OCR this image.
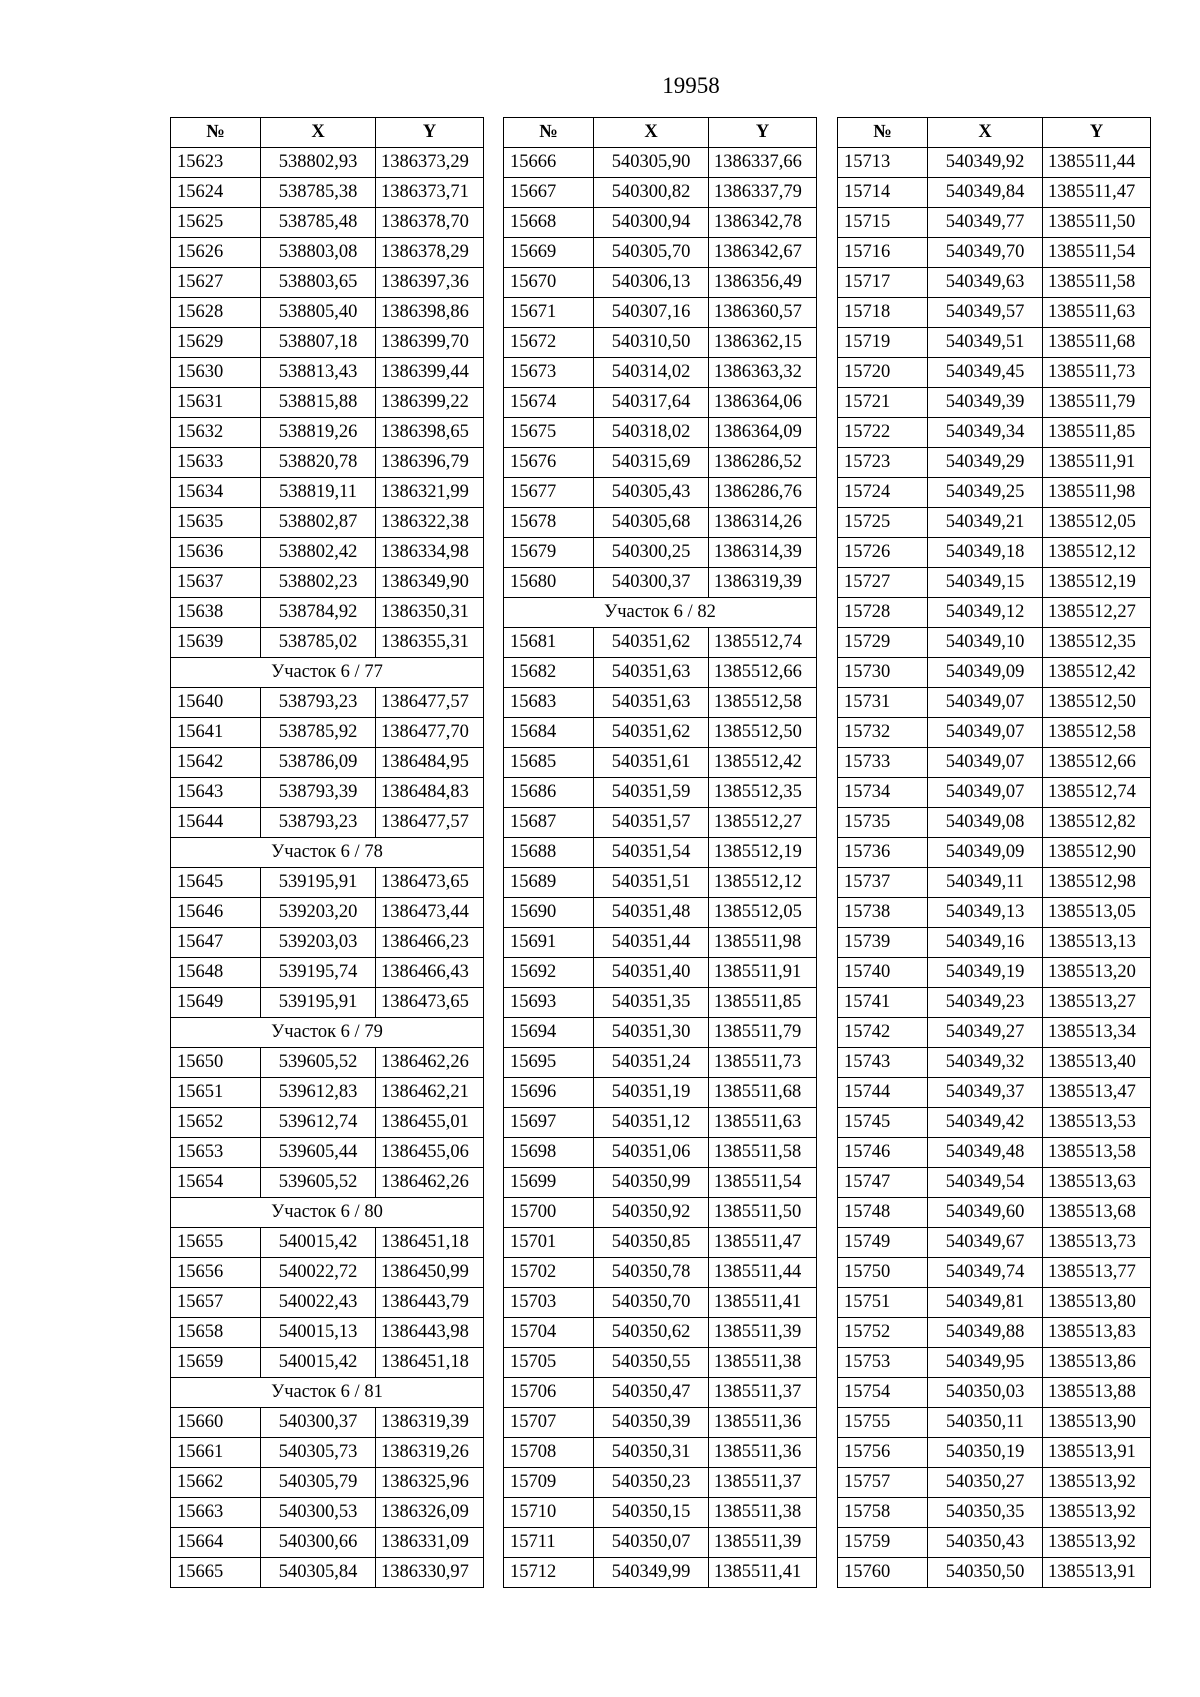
19958
№	X	Y
15623	538802,93	1386373,29
15624	538785,38	1386373,71
15625	538785,48	1386378,70
15626	538803,08	1386378,29
15627	538803,65	1386397,36
15628	538805,40	1386398,86
15629	538807,18	1386399,70
15630	538813,43	1386399,44
15631	538815,88	1386399,22
15632	538819,26	1386398,65
15633	538820,78	1386396,79
15634	538819,11	1386321,99
15635	538802,87	1386322,38
15636	538802,42	1386334,98
15637	538802,23	1386349,90
15638	538784,92	1386350,31
15639	538785,02	1386355,31
Участок 6 / 77		
15640	538793,23	1386477,57
15641	538785,92	1386477,70
15642	538786,09	1386484,95
15643	538793,39	1386484,83
15644	538793,23	1386477,57
Участок 6 / 78		
15645	539195,91	1386473,65
15646	539203,20	1386473,44
15647	539203,03	1386466,23
15648	539195,74	1386466,43
15649	539195,91	1386473,65
Участок 6 / 79		
15650	539605,52	1386462,26
15651	539612,83	1386462,21
15652	539612,74	1386455,01
15653	539605,44	1386455,06
15654	539605,52	1386462,26
Участок 6 / 80		
15655	540015,42	1386451,18
15656	540022,72	1386450,99
15657	540022,43	1386443,79
15658	540015,13	1386443,98
15659	540015,42	1386451,18
Участок 6 / 81		
15660	540300,37	1386319,39
15661	540305,73	1386319,26
15662	540305,79	1386325,96
15663	540300,53	1386326,09
15664	540300,66	1386331,09
15665	540305,84	1386330,97
№	X	Y
15666	540305,90	1386337,66
15667	540300,82	1386337,79
15668	540300,94	1386342,78
15669	540305,70	1386342,67
15670	540306,13	1386356,49
15671	540307,16	1386360,57
15672	540310,50	1386362,15
15673	540314,02	1386363,32
15674	540317,64	1386364,06
15675	540318,02	1386364,09
15676	540315,69	1386286,52
15677	540305,43	1386286,76
15678	540305,68	1386314,26
15679	540300,25	1386314,39
15680	540300,37	1386319,39
Участок 6 / 82		
15681	540351,62	1385512,74
15682	540351,63	1385512,66
15683	540351,63	1385512,58
15684	540351,62	1385512,50
15685	540351,61	1385512,42
15686	540351,59	1385512,35
15687	540351,57	1385512,27
15688	540351,54	1385512,19
15689	540351,51	1385512,12
15690	540351,48	1385512,05
15691	540351,44	1385511,98
15692	540351,40	1385511,91
15693	540351,35	1385511,85
15694	540351,30	1385511,79
15695	540351,24	1385511,73
15696	540351,19	1385511,68
15697	540351,12	1385511,63
15698	540351,06	1385511,58
15699	540350,99	1385511,54
15700	540350,92	1385511,50
15701	540350,85	1385511,47
15702	540350,78	1385511,44
15703	540350,70	1385511,41
15704	540350,62	1385511,39
15705	540350,55	1385511,38
15706	540350,47	1385511,37
15707	540350,39	1385511,36
15708	540350,31	1385511,36
15709	540350,23	1385511,37
15710	540350,15	1385511,38
15711	540350,07	1385511,39
15712	540349,99	1385511,41
№	X	Y
15713	540349,92	1385511,44
15714	540349,84	1385511,47
15715	540349,77	1385511,50
15716	540349,70	1385511,54
15717	540349,63	1385511,58
15718	540349,57	1385511,63
15719	540349,51	1385511,68
15720	540349,45	1385511,73
15721	540349,39	1385511,79
15722	540349,34	1385511,85
15723	540349,29	1385511,91
15724	540349,25	1385511,98
15725	540349,21	1385512,05
15726	540349,18	1385512,12
15727	540349,15	1385512,19
15728	540349,12	1385512,27
15729	540349,10	1385512,35
15730	540349,09	1385512,42
15731	540349,07	1385512,50
15732	540349,07	1385512,58
15733	540349,07	1385512,66
15734	540349,07	1385512,74
15735	540349,08	1385512,82
15736	540349,09	1385512,90
15737	540349,11	1385512,98
15738	540349,13	1385513,05
15739	540349,16	1385513,13
15740	540349,19	1385513,20
15741	540349,23	1385513,27
15742	540349,27	1385513,34
15743	540349,32	1385513,40
15744	540349,37	1385513,47
15745	540349,42	1385513,53
15746	540349,48	1385513,58
15747	540349,54	1385513,63
15748	540349,60	1385513,68
15749	540349,67	1385513,73
15750	540349,74	1385513,77
15751	540349,81	1385513,80
15752	540349,88	1385513,83
15753	540349,95	1385513,86
15754	540350,03	1385513,88
15755	540350,11	1385513,90
15756	540350,19	1385513,91
15757	540350,27	1385513,92
15758	540350,35	1385513,92
15759	540350,43	1385513,92
15760	540350,50	1385513,91
